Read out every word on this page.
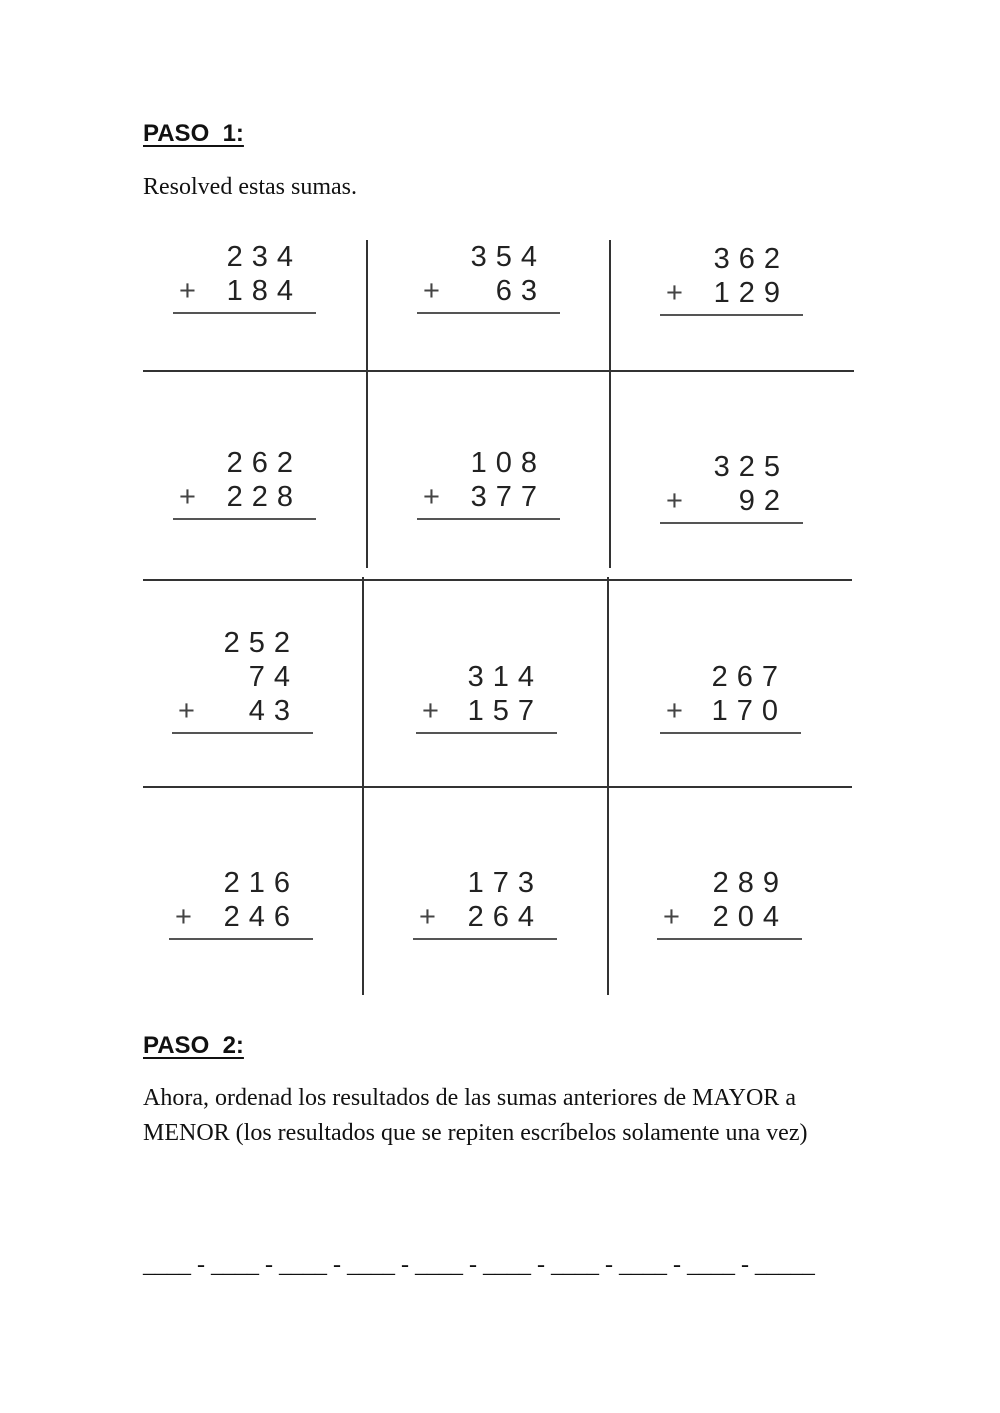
PASO  1:

Resolved estas sumas.

234
+ 184
354
+ 63
362
+ 129
262
+ 228
108
+ 377
325
+ 92
252
74
+ 43
314
+ 157
267
+ 170
216
+ 246
173
+ 264
289
+ 204
PASO  2:

Ahora, ordenad los resultados de las sumas anteriores de MAYOR a MENOR (los resultados que se repiten escríbelos solamente una vez)

____ - ____ - ____ - ____ - ____ - ____ - ____ - ____ - ____ - _____
